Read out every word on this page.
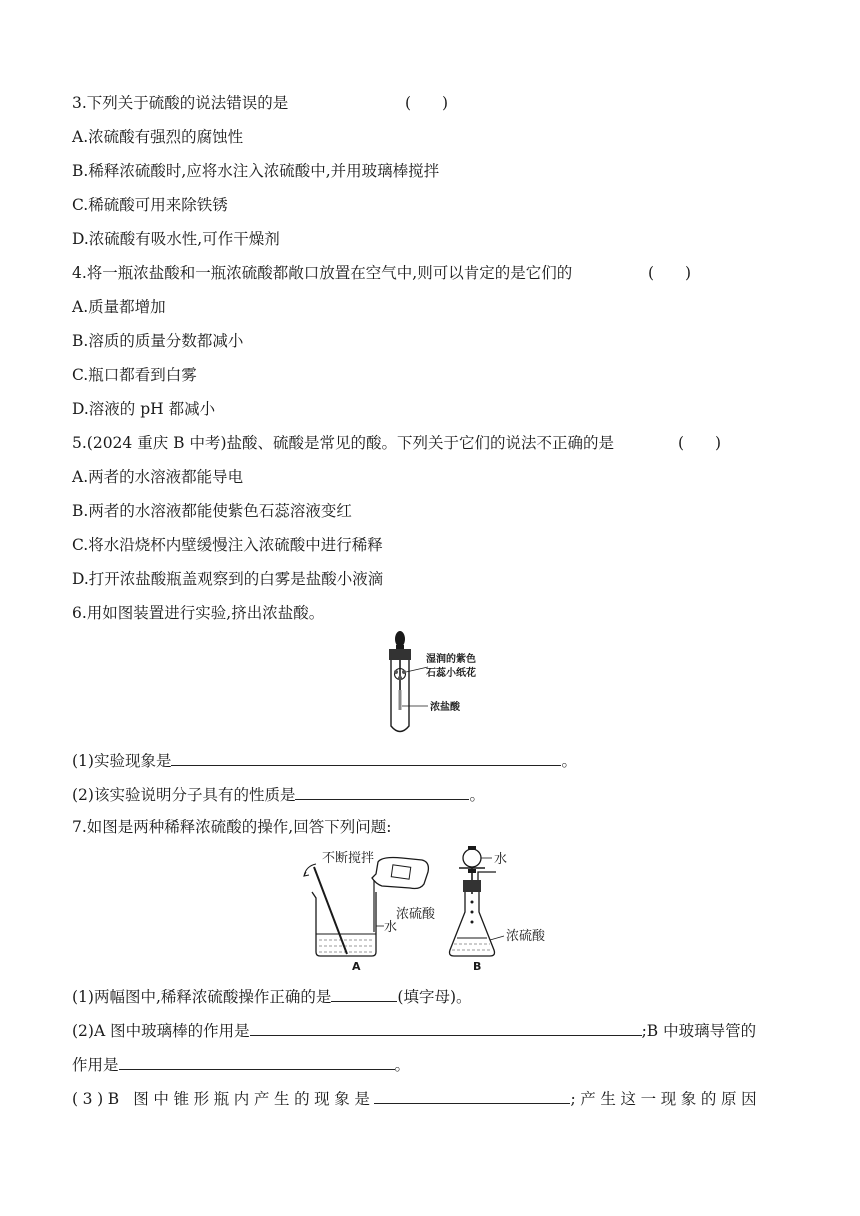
3.下列关于硫酸的说法错误的是	(　　)
A.浓硫酸有强烈的腐蚀性
B.稀释浓硫酸时,应将水注入浓硫酸中,并用玻璃棒搅拌
C.稀硫酸可用来除铁锈
D.浓硫酸有吸水性,可作干燥剂
4.将一瓶浓盐酸和一瓶浓硫酸都敞口放置在空气中,则可以肯定的是它们的	(　　)
A.质量都增加
B.溶质的质量分数都减小
C.瓶口都看到白雾
D.溶液的 pH 都减小
5.(2024 重庆 B 中考)盐酸、硫酸是常见的酸。下列关于它们的说法不正确的是	(　　)
A.两者的水溶液都能导电
B.两者的水溶液都能使紫色石蕊溶液变红
C.将水沿烧杯内壁缓慢注入浓硫酸中进行稀释
D.打开浓盐酸瓶盖观察到的白雾是盐酸小液滴
6.用如图装置进行实验,挤出浓盐酸。
湿润的紫色
石蕊小纸花
浓盐酸
(1)实验现象是	。
(2)该实验说明分子具有的性质是	。
7.如图是两种稀释浓硫酸的操作,回答下列问题:
不断搅拌
浓硫酸
水
A
水
浓硫酸
B
(1)两幅图中,稀释浓硫酸操作正确的是	(填字母)。
(2)A 图中玻璃棒的作用是	;B 中玻璃导管的
作用是	。
(3)B 图中锥形瓶内产生的现象是	;产生这一现象的原因
